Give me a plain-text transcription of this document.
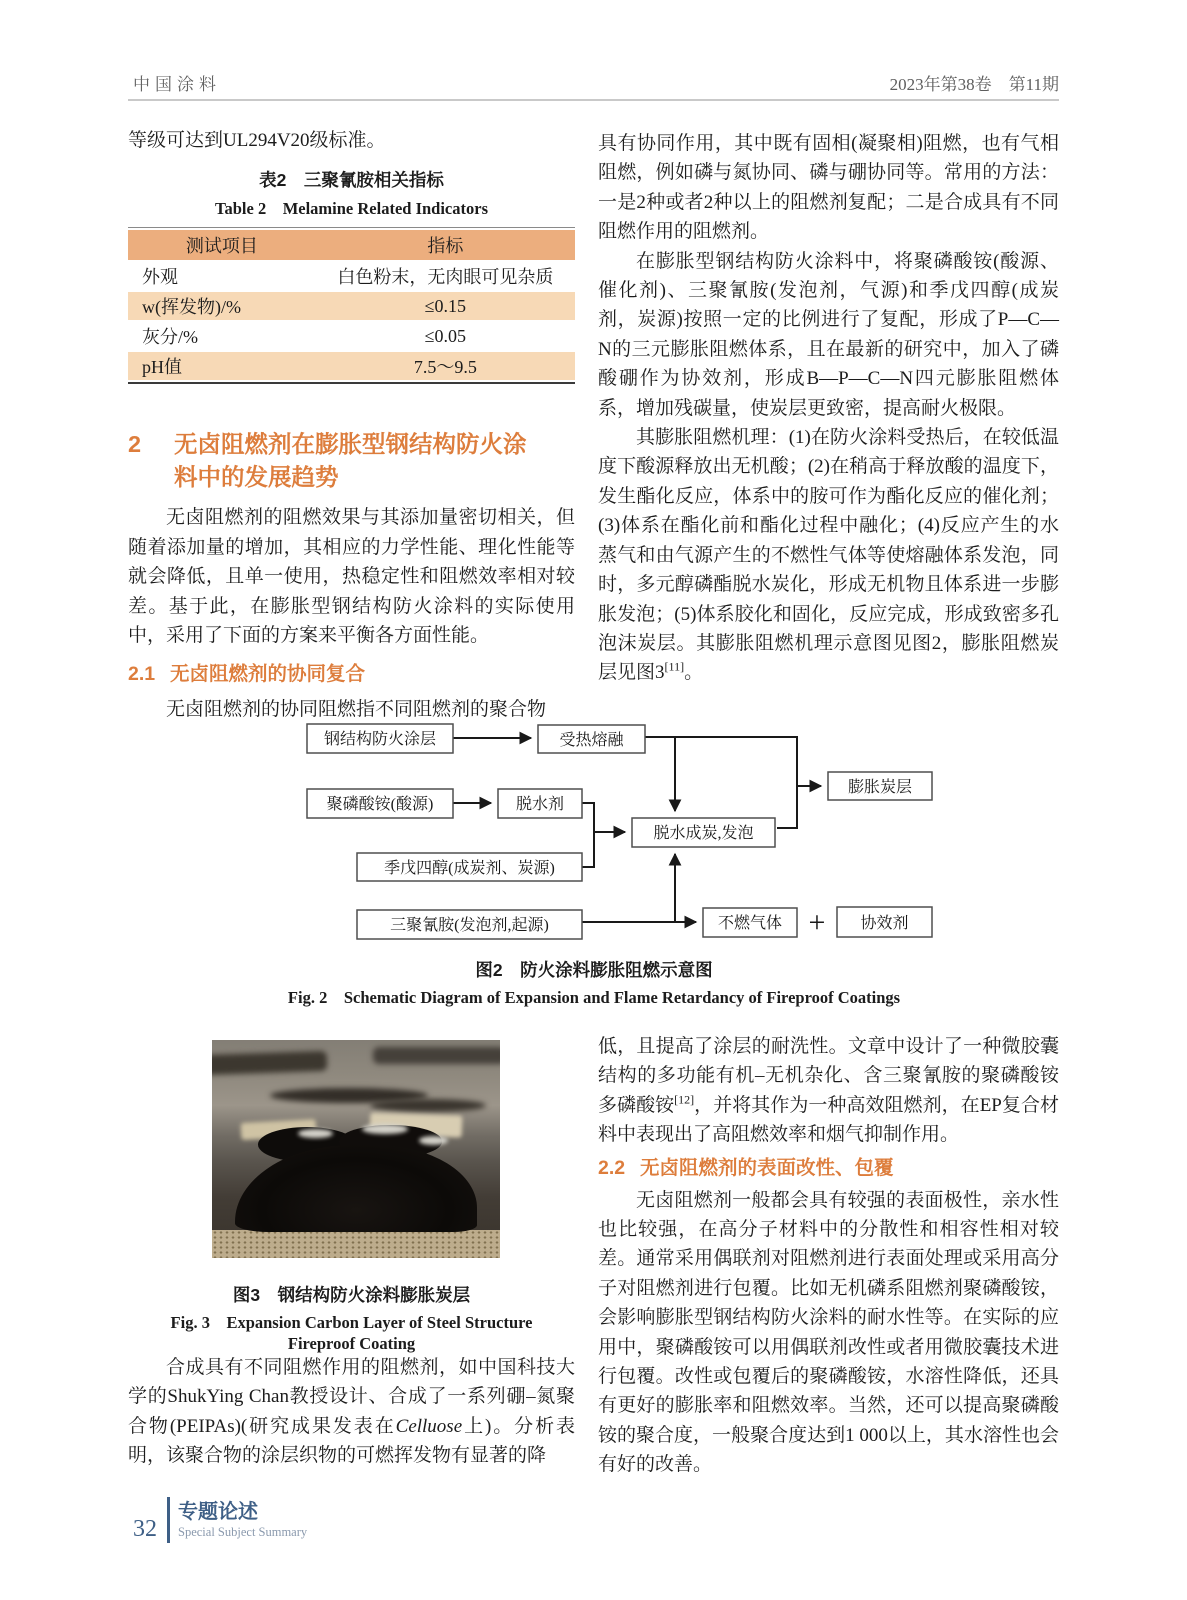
中国涂料	2023年第38卷　第11期

等级可达到UL294V20级标准。

表2　三聚氰胺相关指标
Table 2　Melamine Related Indicators
测试项目	指标
外观	白色粉末，无肉眼可见杂质
w(挥发物)/%	≤0.15
灰分/%	≤0.05
pH值	7.5～9.5
2	无卤阻燃剂在膨胀型钢结构防火涂料中的发展趋势

无卤阻燃剂的阻燃效果与其添加量密切相关，但随着添加量的增加，其相应的力学性能、理化性能等就会降低，且单一使用，热稳定性和阻燃效率相对较差。基于此，在膨胀型钢结构防火涂料的实际使用中，采用了下面的方案来平衡各方面性能。

2.1 无卤阻燃剂的协同复合

无卤阻燃剂的协同阻燃指不同阻燃剂的聚合物

具有协同作用，其中既有固相(凝聚相)阻燃，也有气相阻燃，例如磷与氮协同、磷与硼协同等。常用的方法：一是2种或者2种以上的阻燃剂复配；二是合成具有不同阻燃作用的阻燃剂。

在膨胀型钢结构防火涂料中，将聚磷酸铵(酸源、催化剂)、三聚氰胺(发泡剂，气源)和季戊四醇(成炭剂，炭源)按照一定的比例进行了复配，形成了P—C—N的三元膨胀阻燃体系，且在最新的研究中，加入了磷酸硼作为协效剂，形成B—P—C—N四元膨胀阻燃体系，增加残碳量，使炭层更致密，提高耐火极限。

其膨胀阻燃机理：(1)在防火涂料受热后，在较低温度下酸源释放出无机酸；(2)在稍高于释放酸的温度下，发生酯化反应，体系中的胺可作为酯化反应的催化剂；(3)体系在酯化前和酯化过程中融化；(4)反应产生的水蒸气和由气源产生的不燃性气体等使熔融体系发泡，同时，多元醇磷酯脱水炭化，形成无机物且体系进一步膨胀发泡；(5)体系胶化和固化，反应完成，形成致密多孔泡沫炭层。其膨胀阻燃机理示意图见图2，膨胀阻燃炭层见图3[11]。

钢结构防火涂层	受热熔融
聚磷酸铵(酸源)	脱水剂
季戊四醇(成炭剂、炭源)
三聚氰胺(发泡剂,起源)
脱水成炭,发泡
不燃气体 + 协效剂
膨胀炭层
图2　防火涂料膨胀阻燃示意图
Fig. 2　Schematic Diagram of Expansion and Flame Retardancy of Fireproof Coatings
图3　钢结构防火涂料膨胀炭层
Fig. 3　Expansion Carbon Layer of Steel Structure
Fireproof Coating

合成具有不同阻燃作用的阻燃剂，如中国科技大学的ShukYing Chan教授设计、合成了一系列硼–氮聚合物(PEIPAs)(研究成果发表在Celluose上)。分析表明，该聚合物的涂层织物的可燃挥发物有显著的降

低，且提高了涂层的耐洗性。文章中设计了一种微胶囊结构的多功能有机–无机杂化、含三聚氰胺的聚磷酸铵多磷酸铵[12]，并将其作为一种高效阻燃剂，在EP复合材料中表现出了高阻燃效率和烟气抑制作用。

2.2 无卤阻燃剂的表面改性、包覆

无卤阻燃剂一般都会具有较强的表面极性，亲水性也比较强，在高分子材料中的分散性和相容性相对较差。通常采用偶联剂对阻燃剂进行表面处理或采用高分子对阻燃剂进行包覆。比如无机磷系阻燃剂聚磷酸铵，会影响膨胀型钢结构防火涂料的耐水性等。在实际的应用中，聚磷酸铵可以用偶联剂改性或者用微胶囊技术进行包覆。改性或包覆后的聚磷酸铵，水溶性降低，还具有更好的膨胀率和阻燃效率。当然，还可以提高聚磷酸铵的聚合度，一般聚合度达到1 000以上，其水溶性也会有好的改善。

32
专题论述
Special Subject Summary
